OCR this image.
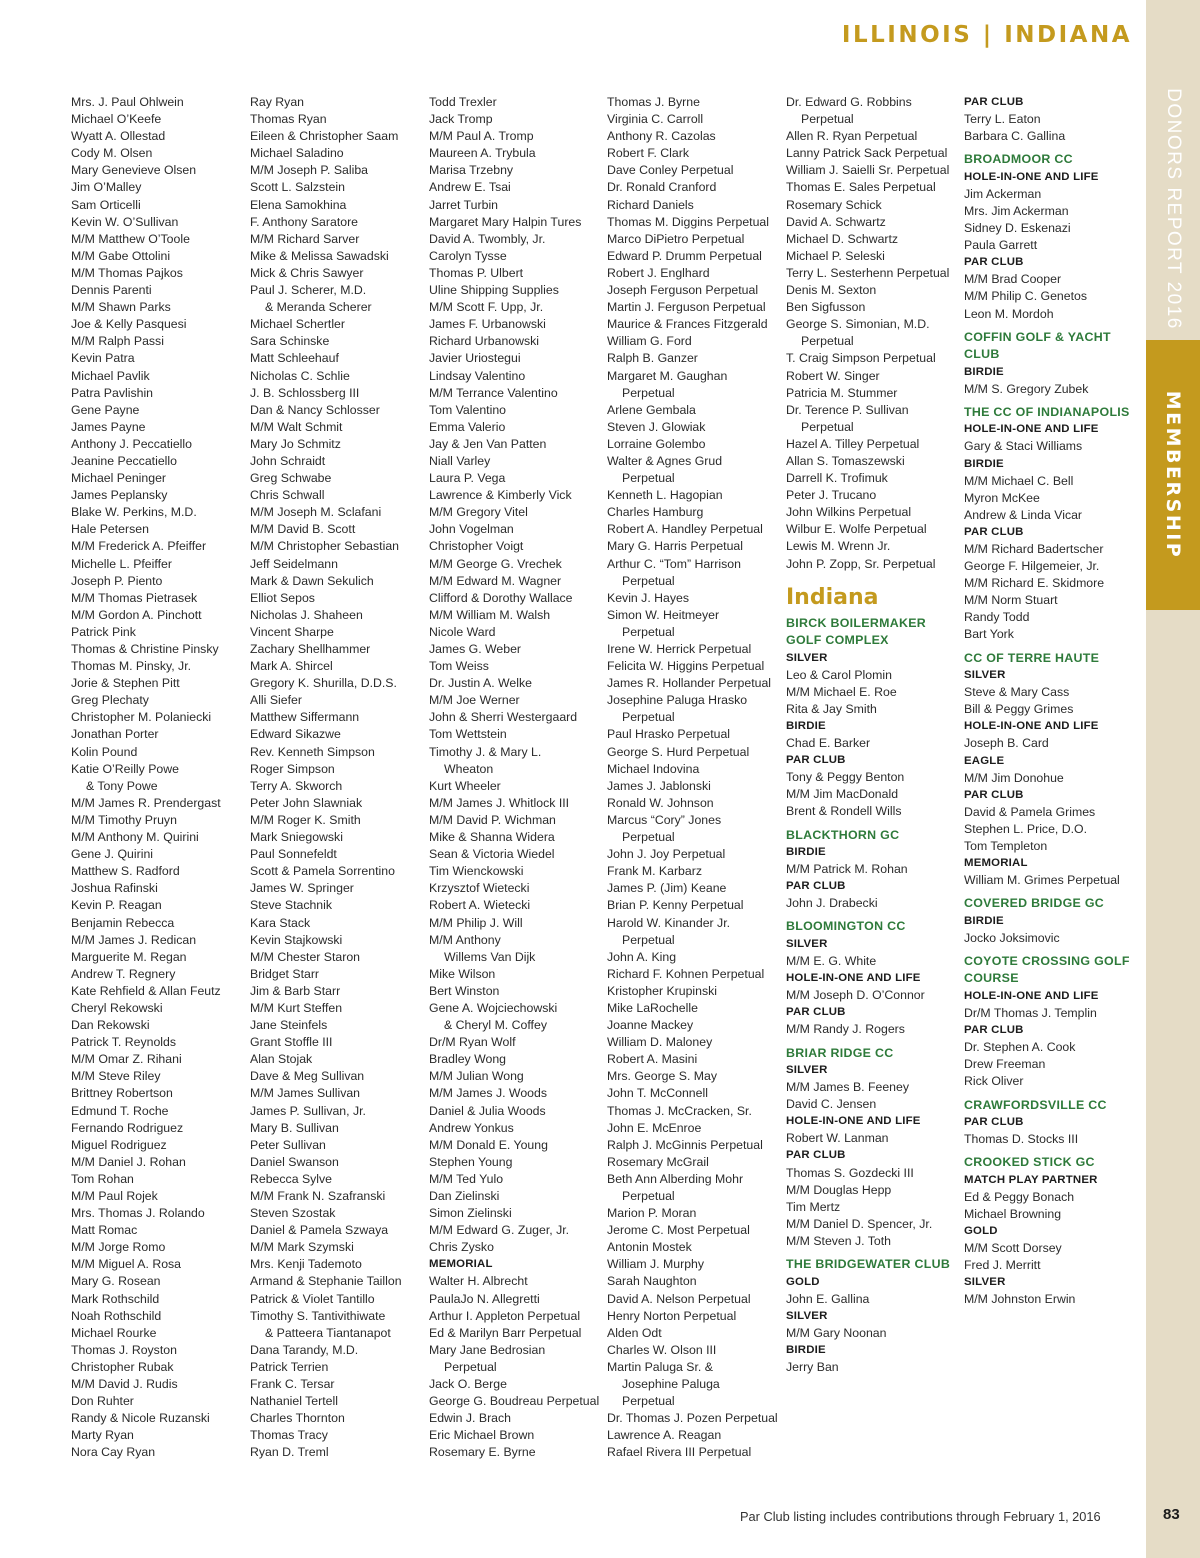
ILLINOIS | INDIANA
DONORS REPORT 2016
MEMBERSHIP
Mrs. J. Paul Ohlwein
Michael O’Keefe
Wyatt A. Ollestad
Cody M. Olsen
Mary Genevieve Olsen
Jim O’Malley
Sam Orticelli
Kevin W. O’Sullivan
M/M Matthew O’Toole
M/M Gabe Ottolini
M/M Thomas Pajkos
Dennis Parenti
M/M Shawn Parks
Joe & Kelly Pasquesi
M/M Ralph Passi
Kevin Patra
Michael Pavlik
Patra Pavlishin
Gene Payne
James Payne
Anthony J. Peccatiello
Jeanine Peccatiello
Michael Peninger
James Peplansky
Blake W. Perkins, M.D.
Hale Petersen
M/M Frederick A. Pfeiffer
Michelle L. Pfeiffer
Joseph P. Piento
M/M Thomas Pietrasek
M/M Gordon A. Pinchott
Patrick Pink
Thomas & Christine Pinsky
Thomas M. Pinsky, Jr.
Jorie & Stephen Pitt
Greg Plechaty
Christopher M. Polaniecki
Jonathan Porter
Kolin Pound
Katie O’Reilly Powe
& Tony Powe
M/M James R. Prendergast
M/M Timothy Pruyn
M/M Anthony M. Quirini
Gene J. Quirini
Matthew S. Radford
Joshua Rafinski
Kevin P. Reagan
Benjamin Rebecca
M/M James J. Redican
Marguerite M. Regan
Andrew T. Regnery
Kate Rehfield & Allan Feutz
Cheryl Rekowski
Dan Rekowski
Patrick T. Reynolds
M/M Omar Z. Rihani
M/M Steve Riley
Brittney Robertson
Edmund T. Roche
Fernando Rodriguez
Miguel Rodriguez
M/M Daniel J. Rohan
Tom Rohan
M/M Paul Rojek
Mrs. Thomas J. Rolando
Matt Romac
M/M Jorge Romo
M/M Miguel A. Rosa
Mary G. Rosean
Mark Rothschild
Noah Rothschild
Michael Rourke
Thomas J. Royston
Christopher Rubak
M/M David J. Rudis
Don Ruhter
Randy & Nicole Ruzanski
Marty Ryan
Nora Cay Ryan
Ray Ryan
Thomas Ryan
Eileen & Christopher Saam
Michael Saladino
M/M Joseph P. Saliba
Scott L. Salzstein
Elena Samokhina
F. Anthony Saratore
M/M Richard Sarver
Mike & Melissa Sawadski
Mick & Chris Sawyer
Paul J. Scherer, M.D.
& Meranda Scherer
Michael Schertler
Sara Schinske
Matt Schleehauf
Nicholas C. Schlie
J. B. Schlossberg III
Dan & Nancy Schlosser
M/M Walt Schmit
Mary Jo Schmitz
John Schraidt
Greg Schwabe
Chris Schwall
M/M Joseph M. Sclafani
M/M David B. Scott
M/M Christopher Sebastian
Jeff Seidelmann
Mark & Dawn Sekulich
Elliot Sepos
Nicholas J. Shaheen
Vincent Sharpe
Zachary Shellhammer
Mark A. Shircel
Gregory K. Shurilla, D.D.S.
Alli Siefer
Matthew Siffermann
Edward Sikazwe
Rev. Kenneth Simpson
Roger Simpson
Terry A. Skworch
Peter John Slawniak
M/M Roger K. Smith
Mark Sniegowski
Paul Sonnefeldt
Scott & Pamela Sorrentino
James W. Springer
Steve Stachnik
Kara Stack
Kevin Stajkowski
M/M Chester Staron
Bridget Starr
Jim & Barb Starr
M/M Kurt Steffen
Jane Steinfels
Grant Stoffle III
Alan Stojak
Dave & Meg Sullivan
M/M James Sullivan
James P. Sullivan, Jr.
Mary B. Sullivan
Peter Sullivan
Daniel Swanson
Rebecca Sylve
M/M Frank N. Szafranski
Steven Szostak
Daniel & Pamela Szwaya
M/M Mark Szymski
Mrs. Kenji Tademoto
Armand & Stephanie Taillon
Patrick & Violet Tantillo
Timothy S. Tantivithiwate
& Patteera Tiantanapot
Dana Tarandy, M.D.
Patrick Terrien
Frank C. Tersar
Nathaniel Tertell
Charles Thornton
Thomas Tracy
Ryan D. Treml
Todd Trexler
Jack Tromp
M/M Paul A. Tromp
Maureen A. Trybula
Marisa Trzebny
Andrew E. Tsai
Jarret Turbin
Margaret Mary Halpin Tures
David A. Twombly, Jr.
Carolyn Tysse
Thomas P. Ulbert
Uline Shipping Supplies
M/M Scott F. Upp, Jr.
James F. Urbanowski
Richard Urbanowski
Javier Uriostegui
Lindsay Valentino
M/M Terrance Valentino
Tom Valentino
Emma Valerio
Jay & Jen Van Patten
Niall Varley
Laura P. Vega
Lawrence & Kimberly Vick
M/M Gregory Vitel
John Vogelman
Christopher Voigt
M/M George G. Vrechek
M/M Edward M. Wagner
Clifford & Dorothy Wallace
M/M William M. Walsh
Nicole Ward
James G. Weber
Tom Weiss
Dr. Justin A. Welke
M/M Joe Werner
John & Sherri Westergaard
Tom Wettstein
Timothy J. & Mary L.
Wheaton
Kurt Wheeler
M/M James J. Whitlock III
M/M David P. Wichman
Mike & Shanna Widera
Sean & Victoria Wiedel
Tim Wienckowski
Krzysztof Wietecki
Robert A. Wietecki
M/M Philip J. Will
M/M Anthony
Willems Van Dijk
Mike Wilson
Bert Winston
Gene A. Wojciechowski
& Cheryl M. Coffey
Dr/M Ryan Wolf
Bradley Wong
M/M Julian Wong
M/M James J. Woods
Daniel & Julia Woods
Andrew Yonkus
M/M Donald E. Young
Stephen Young
M/M Ted Yulo
Dan Zielinski
Simon Zielinski
M/M Edward G. Zuger, Jr.
Chris Zysko
MEMORIAL
Walter H. Albrecht
PaulaJo N. Allegretti
Arthur I. Appleton Perpetual
Ed & Marilyn Barr Perpetual
Mary Jane Bedrosian
Perpetual
Jack O. Berge
George G. Boudreau Perpetual
Edwin J. Brach
Eric Michael Brown
Rosemary E. Byrne
Thomas J. Byrne
Virginia C. Carroll
Anthony R. Cazolas
Robert F. Clark
Dave Conley Perpetual
Dr. Ronald Cranford
Richard Daniels
Thomas M. Diggins Perpetual
Marco DiPietro Perpetual
Edward P. Drumm Perpetual
Robert J. Englhard
Joseph Ferguson Perpetual
Martin J. Ferguson Perpetual
Maurice & Frances Fitzgerald
William G. Ford
Ralph B. Ganzer
Margaret M. Gaughan
Perpetual
Arlene Gembala
Steven J. Glowiak
Lorraine Golembo
Walter & Agnes Grud
Perpetual
Kenneth L. Hagopian
Charles Hamburg
Robert A. Handley Perpetual
Mary G. Harris Perpetual
Arthur C. “Tom” Harrison
Perpetual
Kevin J. Hayes
Simon W. Heitmeyer
Perpetual
Irene W. Herrick Perpetual
Felicita W. Higgins Perpetual
James R. Hollander Perpetual
Josephine Paluga Hrasko
Perpetual
Paul Hrasko Perpetual
George S. Hurd Perpetual
Michael Indovina
James J. Jablonski
Ronald W. Johnson
Marcus “Cory” Jones
Perpetual
John J. Joy Perpetual
Frank M. Karbarz
James P. (Jim) Keane
Brian P. Kenny Perpetual
Harold W. Kinander Jr.
Perpetual
John A. King
Richard F. Kohnen Perpetual
Kristopher Krupinski
Mike LaRochelle
Joanne Mackey
William D. Maloney
Robert A. Masini
Mrs. George S. May
John T. McConnell
Thomas J. McCracken, Sr.
John E. McEnroe
Ralph J. McGinnis Perpetual
Rosemary McGrail
Beth Ann Alberding Mohr
Perpetual
Marion P. Moran
Jerome C. Most Perpetual
Antonin Mostek
William J. Murphy
Sarah Naughton
David A. Nelson Perpetual
Henry Norton Perpetual
Alden Odt
Charles W. Olson III
Martin Paluga Sr. &
Josephine Paluga
Perpetual
Dr. Thomas J. Pozen Perpetual
Lawrence A. Reagan
Rafael Rivera III Perpetual
Dr. Edward G. Robbins
Perpetual
Allen R. Ryan Perpetual
Lanny Patrick Sack Perpetual
William J. Saielli Sr. Perpetual
Thomas E. Sales Perpetual
Rosemary Schick
David A. Schwartz
Michael D. Schwartz
Michael P. Seleski
Terry L. Sesterhenn Perpetual
Denis M. Sexton
Ben Sigfusson
George S. Simonian, M.D.
Perpetual
T. Craig Simpson Perpetual
Robert W. Singer
Patricia M. Stummer
Dr. Terence P. Sullivan
Perpetual
Hazel A. Tilley Perpetual
Allan S. Tomaszewski
Darrell K. Trofimuk
Peter J. Trucano
John Wilkins Perpetual
Wilbur E. Wolfe Perpetual
Lewis M. Wrenn Jr.
John P. Zopp, Sr. Perpetual
Indiana
BIRCK BOILERMAKER GOLF COMPLEX
SILVER
Leo & Carol Plomin
M/M Michael E. Roe
Rita & Jay Smith
BIRDIE
Chad E. Barker
PAR CLUB
Tony & Peggy Benton
M/M Jim MacDonald
Brent & Rondell Wills
BLACKTHORN GC
BIRDIE
M/M Patrick M. Rohan
PAR CLUB
John J. Drabecki
BLOOMINGTON CC
SILVER
M/M E. G. White
HOLE-IN-ONE AND LIFE
M/M Joseph D. O’Connor
PAR CLUB
M/M Randy J. Rogers
BRIAR RIDGE CC
SILVER
M/M James B. Feeney
David C. Jensen
HOLE-IN-ONE AND LIFE
Robert W. Lanman
PAR CLUB
Thomas S. Gozdecki III
M/M Douglas Hepp
Tim Mertz
M/M Daniel D. Spencer, Jr.
M/M Steven J. Toth
THE BRIDGEWATER CLUB
GOLD
John E. Gallina
SILVER
M/M Gary Noonan
BIRDIE
Jerry Ban
PAR CLUB
Terry L. Eaton
Barbara C. Gallina
BROADMOOR CC
HOLE-IN-ONE AND LIFE
Jim Ackerman
Mrs. Jim Ackerman
Sidney D. Eskenazi
Paula Garrett
PAR CLUB
M/M Brad Cooper
M/M Philip C. Genetos
Leon M. Mordoh
COFFIN GOLF & YACHT CLUB
BIRDIE
M/M S. Gregory Zubek
THE CC OF INDIANAPOLIS
HOLE-IN-ONE AND LIFE
Gary & Staci Williams
BIRDIE
M/M Michael C. Bell
Myron McKee
Andrew & Linda Vicar
PAR CLUB
M/M Richard Badertscher
George F. Hilgemeier, Jr.
M/M Richard E. Skidmore
M/M Norm Stuart
Randy Todd
Bart York
CC OF TERRE HAUTE
SILVER
Steve & Mary Cass
Bill & Peggy Grimes
HOLE-IN-ONE AND LIFE
Joseph B. Card
EAGLE
M/M Jim Donohue
PAR CLUB
David & Pamela Grimes
Stephen L. Price, D.O.
Tom Templeton
MEMORIAL
William M. Grimes Perpetual
COVERED BRIDGE GC
BIRDIE
Jocko Joksimovic
COYOTE CROSSING GOLF COURSE
HOLE-IN-ONE AND LIFE
Dr/M Thomas J. Templin
PAR CLUB
Dr. Stephen A. Cook
Drew Freeman
Rick Oliver
CRAWFORDSVILLE CC
PAR CLUB
Thomas D. Stocks III
CROOKED STICK GC
MATCH PLAY PARTNER
Ed & Peggy Bonach
Michael Browning
GOLD
M/M Scott Dorsey
Fred J. Merritt
SILVER
M/M Johnston Erwin
Par Club listing includes contributions through February 1, 2016	83
